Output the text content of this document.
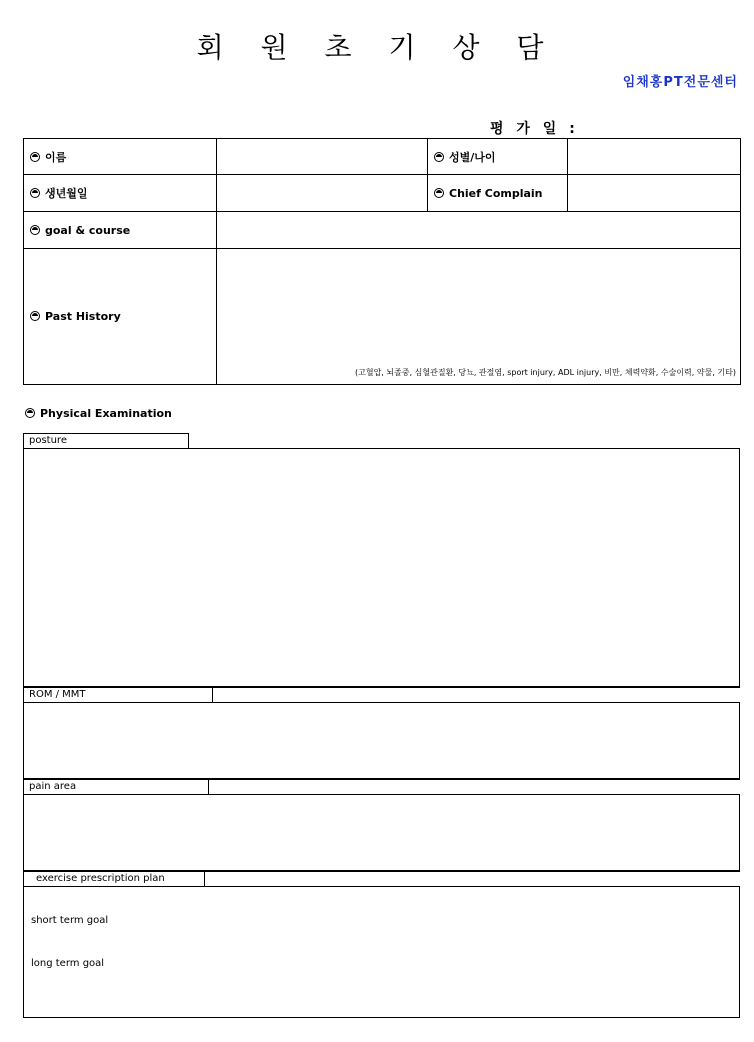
회 원 초 기 상 담
임채홍PT전문센터
평 가 일 :
이름		성별/나이	
생년월일		Chief Complain	
goal & course			
Past History	(고혈압, 뇌졸중, 심혈관질환, 당뇨, 관절염, sport injury, ADL injury, 비만, 체력약화, 수술이력, 약물, 기타)		
Physical Examination
posture
ROM / MMT
pain area
exercise prescription plan
short term goal
long term goal
